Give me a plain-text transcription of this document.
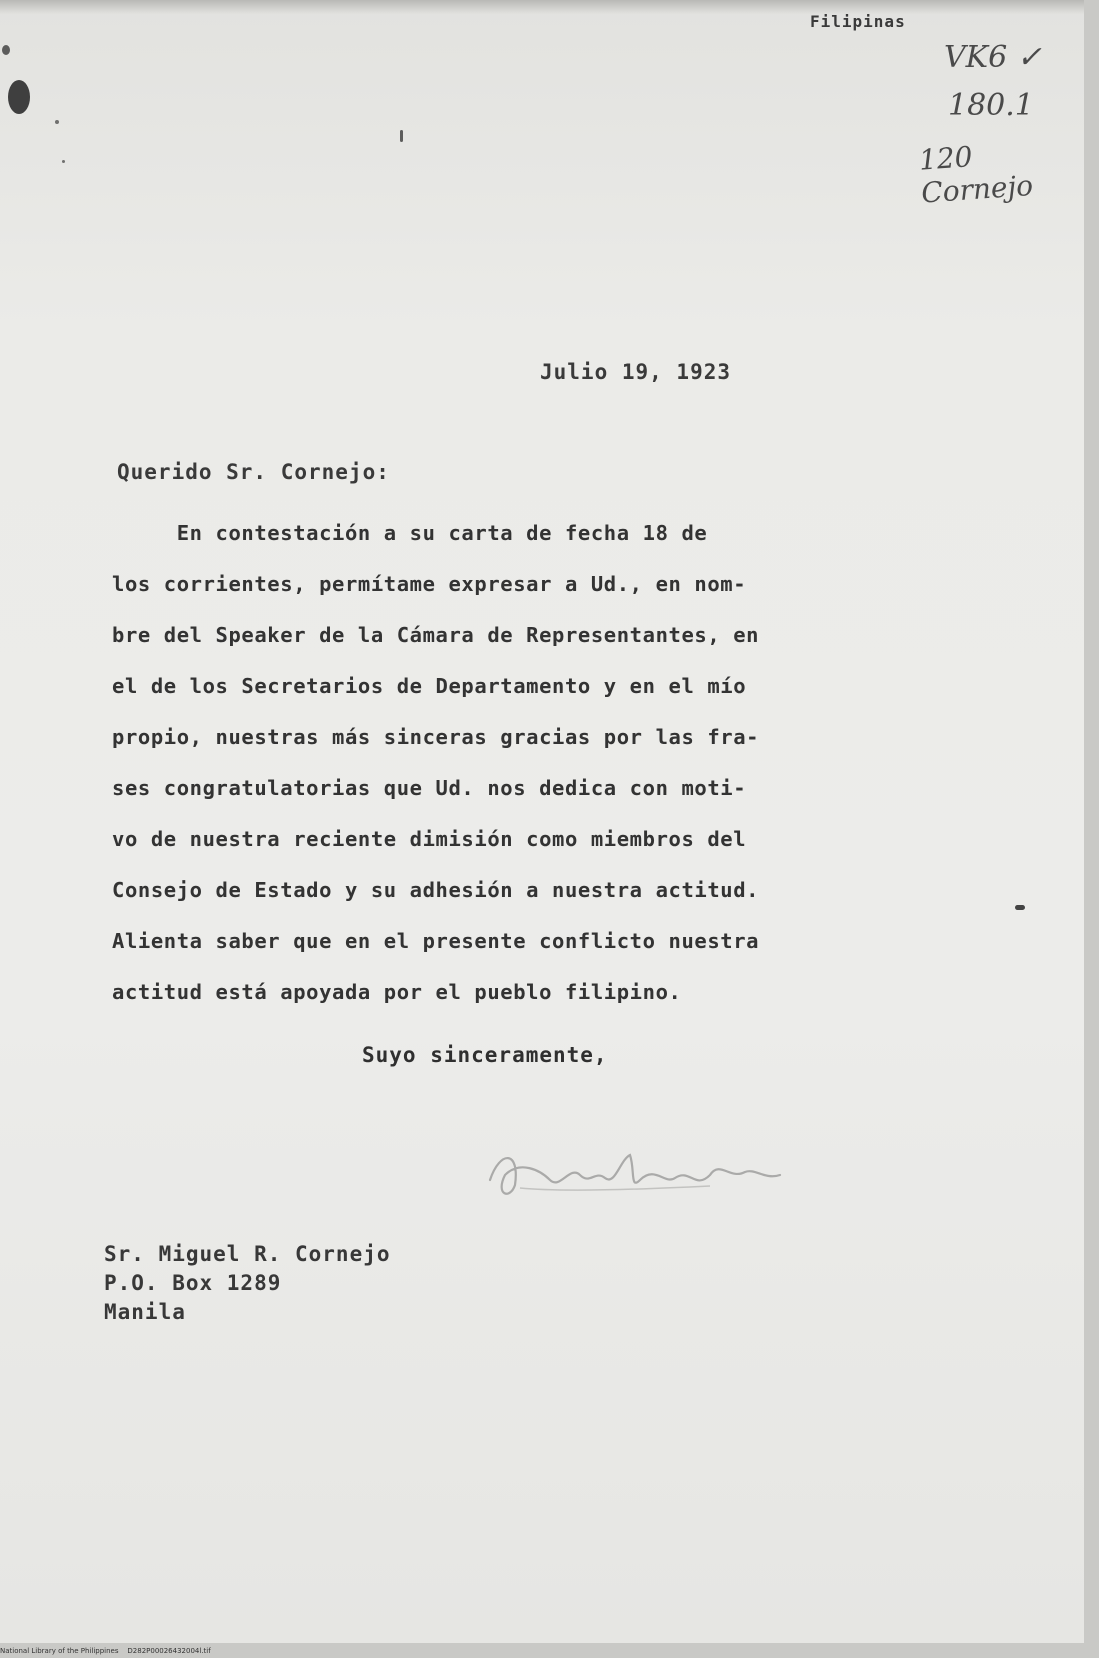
Filipinas
VK6 ✓
180.1
120 Cornejo
Julio 19, 1923
Querido Sr. Cornejo:
En contestación a su carta de fecha 18 de
los corrientes, permítame expresar a Ud., en nom-
bre del Speaker de la Cámara de Representantes, en
el de los Secretarios de Departamento y en el mío
propio, nuestras más sinceras gracias por las fra-
ses congratulatorias que Ud. nos dedica con moti-
vo de nuestra reciente dimisión como miembros del
Consejo de Estado y su adhesión a nuestra actitud.
Alienta saber que en el presente conflicto nuestra
actitud está apoyada por el pueblo filipino.
Suyo sinceramente,
Sr. Miguel R. Cornejo
P.O. Box 1289
Manila
National Library of the Philippines    D282P00026432004l.tif
